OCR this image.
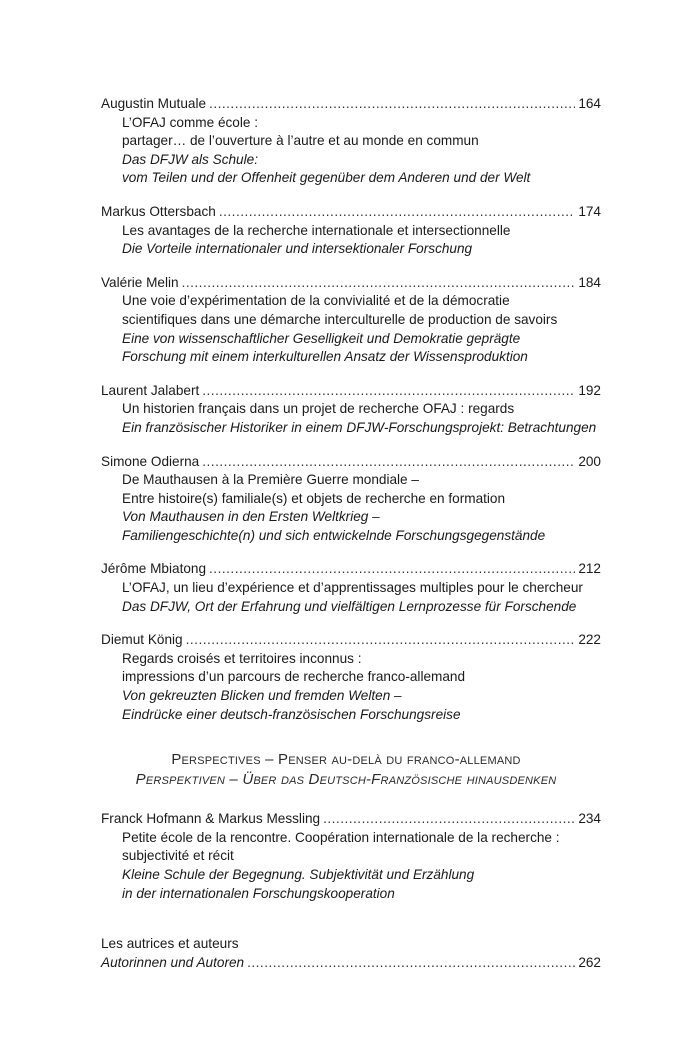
Augustin Mutuale .....	164
L’OFAJ comme école :
partager… de l’ouverture à l’autre et au monde en commun
Das DFJW als Schule:
vom Teilen und der Offenheit gegenüber dem Anderen und der Welt
Markus Ottersbach .....	174
Les avantages de la recherche internationale et intersectionnelle
Die Vorteile internationaler und intersektionaler Forschung
Valérie Melin .....	184
Une voie d’expérimentation de la convivialité et de la démocratie
scientifiques dans une démarche interculturelle de production de savoirs
Eine von wissenschaftlicher Geselligkeit und Demokratie geprägte
Forschung mit einem interkulturellen Ansatz der Wissensproduktion
Laurent Jalabert .....	192
Un historien français dans un projet de recherche OFAJ : regards
Ein französischer Historiker in einem DFJW-Forschungsprojekt: Betrachtungen
Simone Odierna .....	200
De Mauthausen à la Première Guerre mondiale –
Entre histoire(s) familiale(s) et objets de recherche en formation
Von Mauthausen in den Ersten Weltkrieg –
Familiengeschichte(n) und sich entwickelnde Forschungsgegenstände
Jérôme Mbiatong .....	212
L’OFAJ, un lieu d’expérience et d’apprentissages multiples pour le chercheur
Das DFJW, Ort der Erfahrung und vielfältigen Lernprozesse für Forschende
Diemut König .....	222
Regards croisés et territoires inconnus :
impressions d’un parcours de recherche franco-allemand
Von gekreuzten Blicken und fremden Welten –
Eindrücke einer deutsch-französischen Forschungsreise
Perspectives – Penser au-delà du franco-allemand
Perspektiven – Über das Deutsch-Französische hinausdenken
Franck Hofmann & Markus Messling .....	234
Petite école de la rencontre. Coopération internationale de la recherche :
subjectivité et récit
Kleine Schule der Begegnung. Subjektivität und Erzählung
in der internationalen Forschungskooperation
Les autrices et auteurs
Autorinnen und Autoren .....	262
